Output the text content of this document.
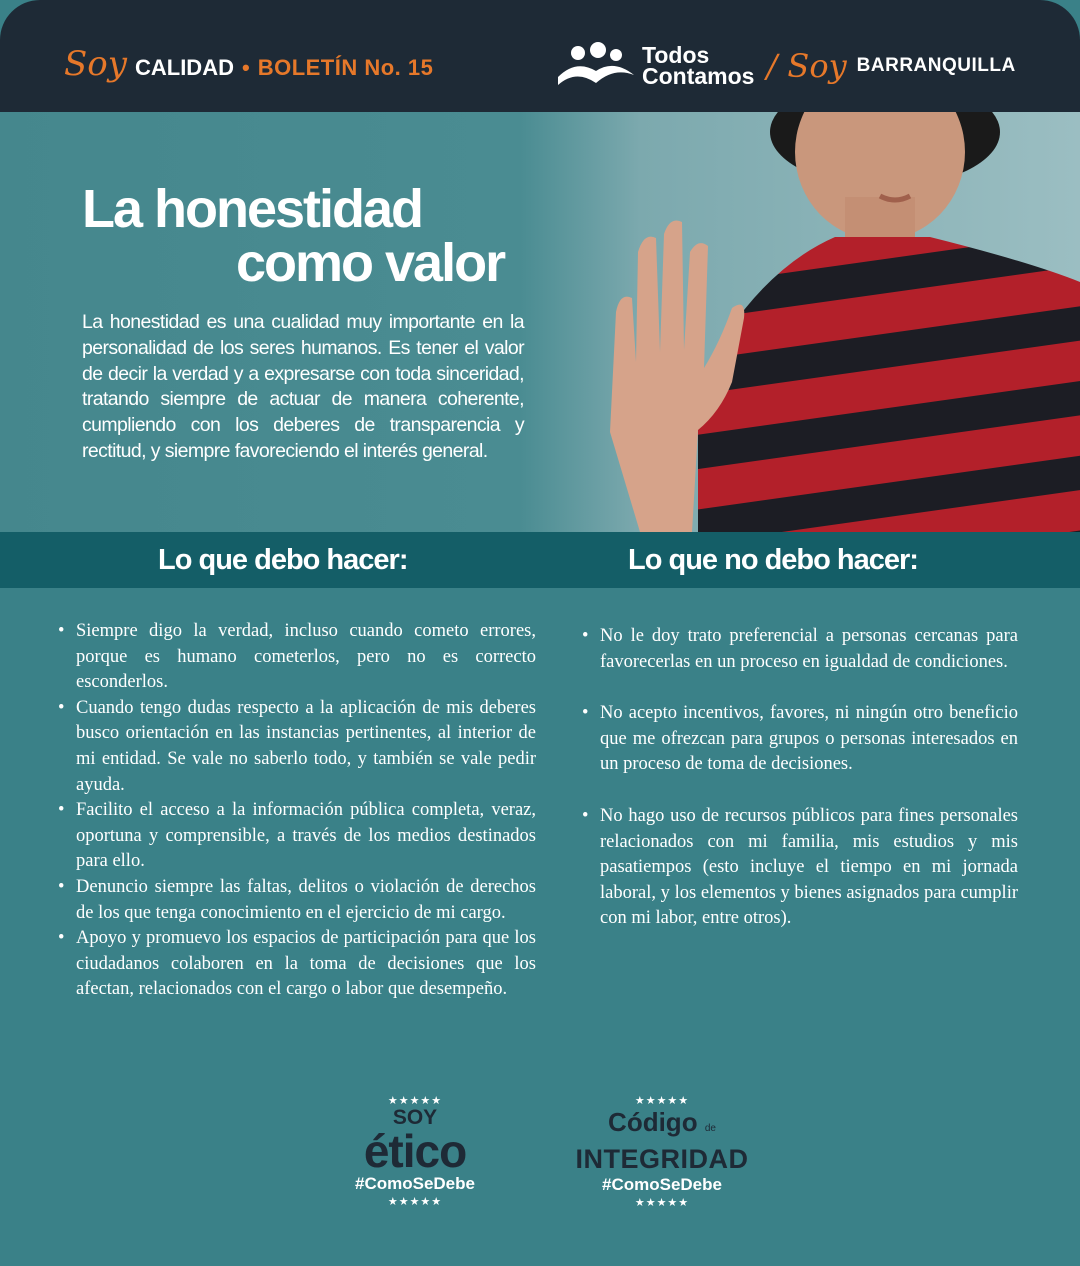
Soy CALIDAD • BOLETÍN No. 15	Todos
Contamos / Soy BARRANQUILLA
La honestidad
como valor

La honestidad es una cualidad muy importante en la personalidad de los seres humanos. Es tener el valor de decir la verdad y a expresarse con toda sinceridad, tratando siempre de actuar de manera coherente, cumpliendo con los deberes de transparencia y rectitud, y siempre favoreciendo el interés general.

Lo que debo hacer:	Lo que no debo hacer:
• Siempre digo la verdad, incluso cuando cometo errores, porque es humano cometerlos, pero no es correcto esconderlos.
• Cuando tengo dudas respecto a la aplicación de mis deberes busco orientación en las instancias pertinentes, al interior de mi entidad. Se vale no saberlo todo, y también se vale pedir ayuda.
• Facilito el acceso a la información pública completa, veraz, oportuna y comprensible, a través de los medios destinados para ello.
• Denuncio siempre las faltas, delitos o violación de derechos de los que tenga conocimiento en el ejercicio de mi cargo.
• Apoyo y promuevo los espacios de participación para que los ciudadanos colaboren en la toma de decisiones que los afectan, relacionados con el cargo o labor que desempeño.
• No le doy trato preferencial a personas cercanas para favorecerlas en un proceso en igualdad de condiciones.
• No acepto incentivos, favores, ni ningún otro beneficio que me ofrezcan para grupos o personas interesados en un proceso de toma de decisiones.
• No hago uso de recursos públicos para fines personales relacionados con mi familia, mis estudios y mis pasatiempos (esto incluye el tiempo en mi jornada laboral, y los elementos y bienes asignados para cumplir con mi labor, entre otros).
★★★★★
SOY
ético
#ComoSeDebe
★★★★★
★★★★★
Código de
INTEGRIDAD
#ComoSeDebe
★★★★★
